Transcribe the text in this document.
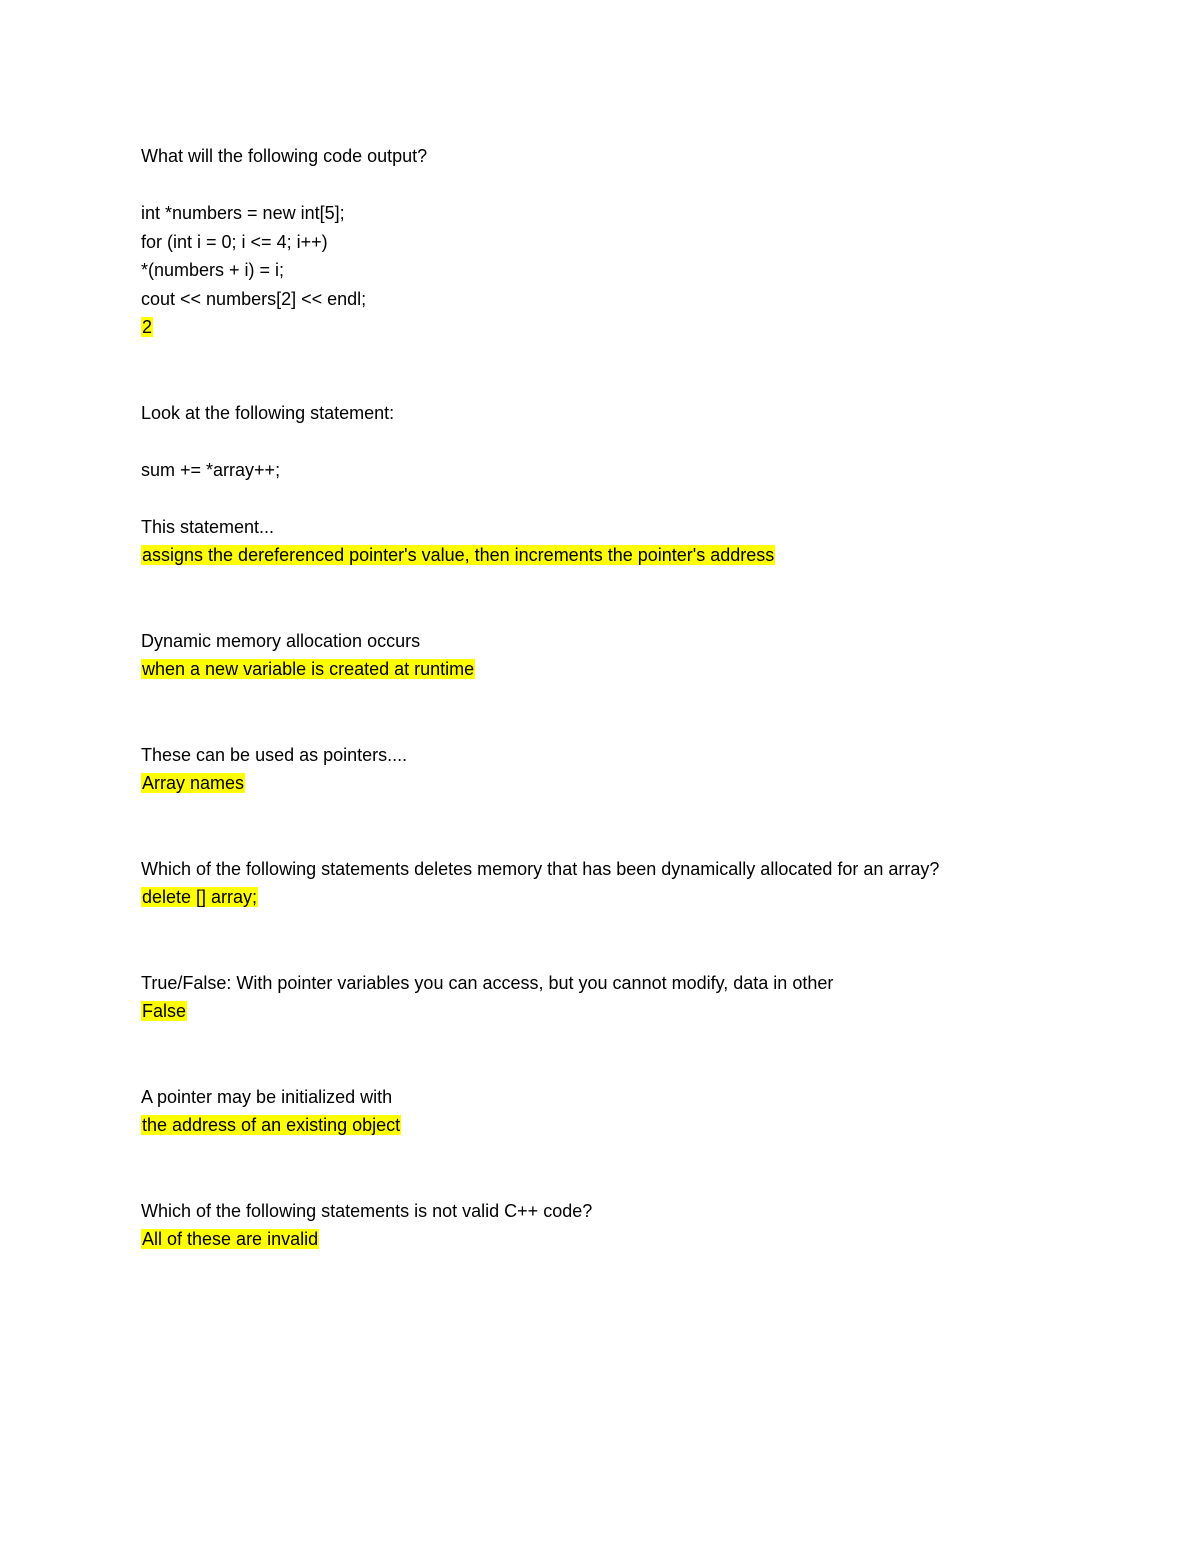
What will the following code output?
int *numbers = new int[5];
for (int i = 0; i <= 4; i++)
*(numbers + i) = i;
cout << numbers[2] << endl;
2
Look at the following statement:
sum += *array++;
This statement...
assigns the dereferenced pointer's value, then increments the pointer's address
Dynamic memory allocation occurs
when a new variable is created at runtime
These can be used as pointers....
Array names
Which of the following statements deletes memory that has been dynamically allocated for an array?
delete [] array;
True/False: With pointer variables you can access, but you cannot modify, data in other
False
A pointer may be initialized with
the address of an existing object
Which of the following statements is not valid C++ code?
All of these are invalid
